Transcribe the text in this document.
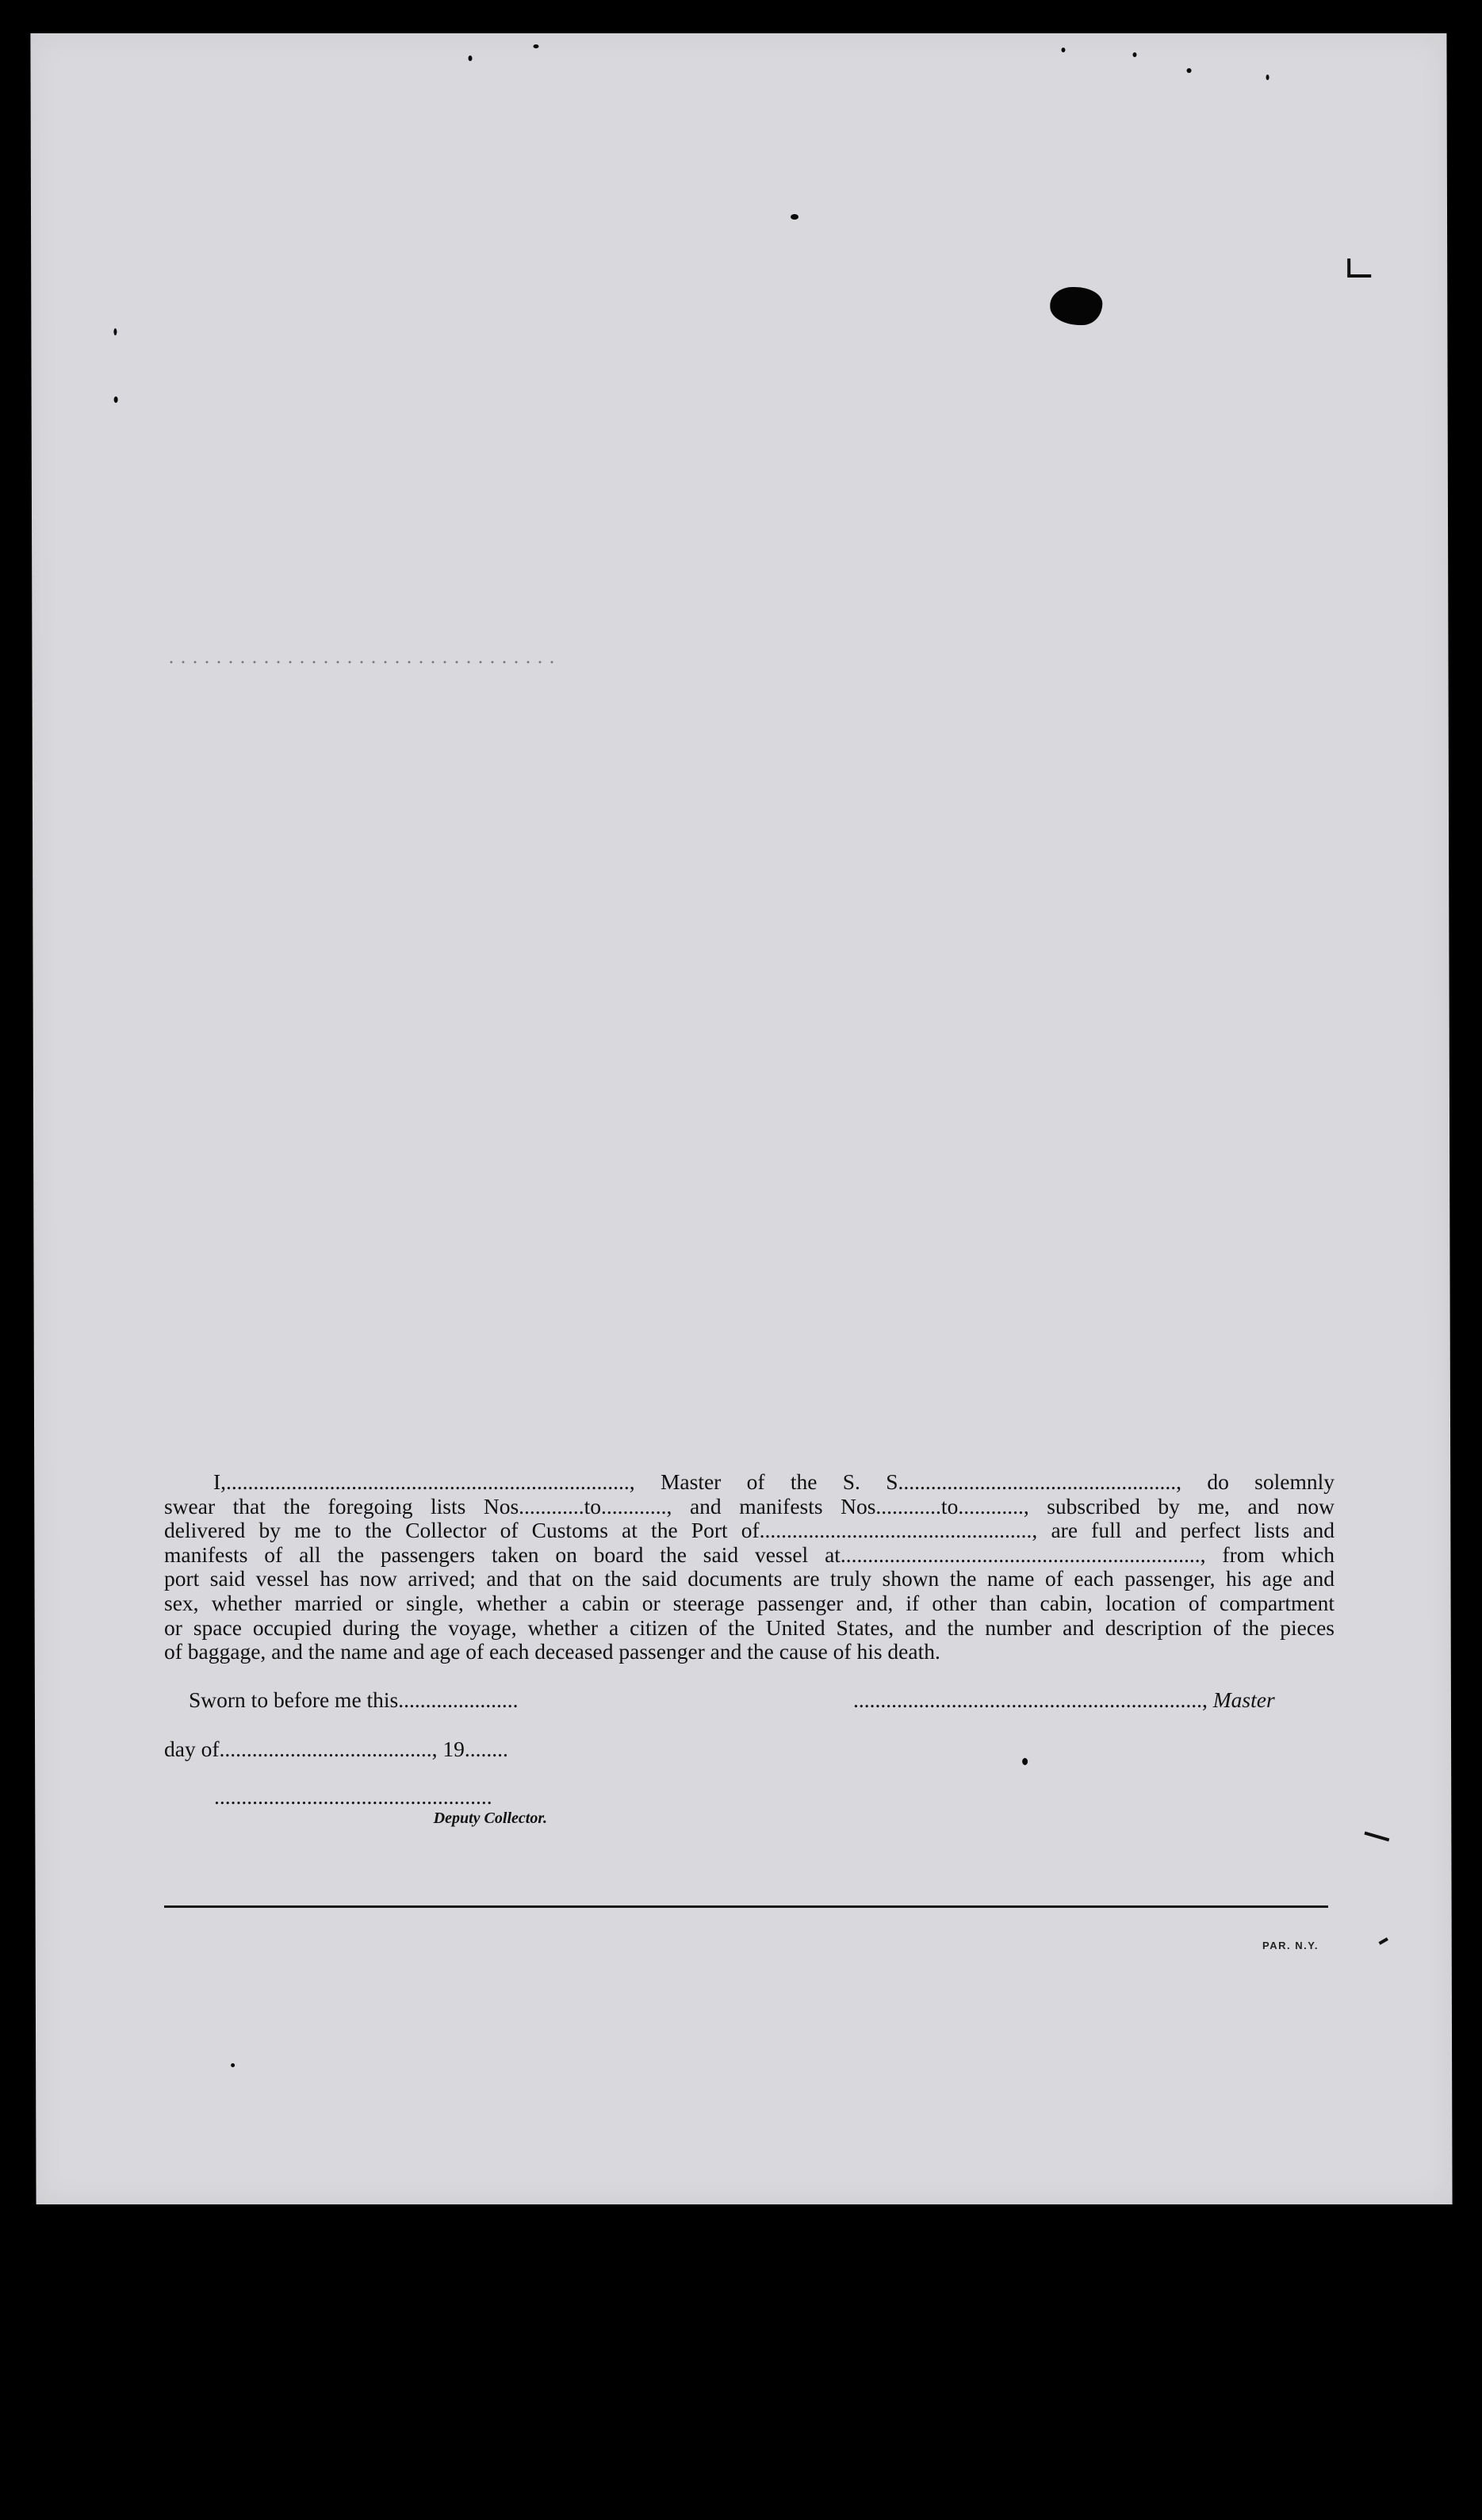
I,.........................................................................., Master of the S. S..................................................., do solemnly

swear that the foregoing lists Nos............to............, and manifests Nos............to............, subscribed by me, and now

delivered by me to the Collector of Customs at the Port of.................................................., are full and perfect lists and

manifests of all the passengers taken on board the said vessel at.................................................................., from which

port said vessel has now arrived; and that on the said documents are truly shown the name of each passenger, his age and

sex, whether married or single, whether a cabin or steerage passenger and, if other than cabin, location of compartment

or space occupied during the voyage, whether a citizen of the United States, and the number and description of the pieces

of baggage, and the name and age of each deceased passenger and the cause of his death.

Sworn to before me this......................	................................................................, Master
day of......................................., 19........
...................................................
Deputy Collector.
PAR. N.Y.
